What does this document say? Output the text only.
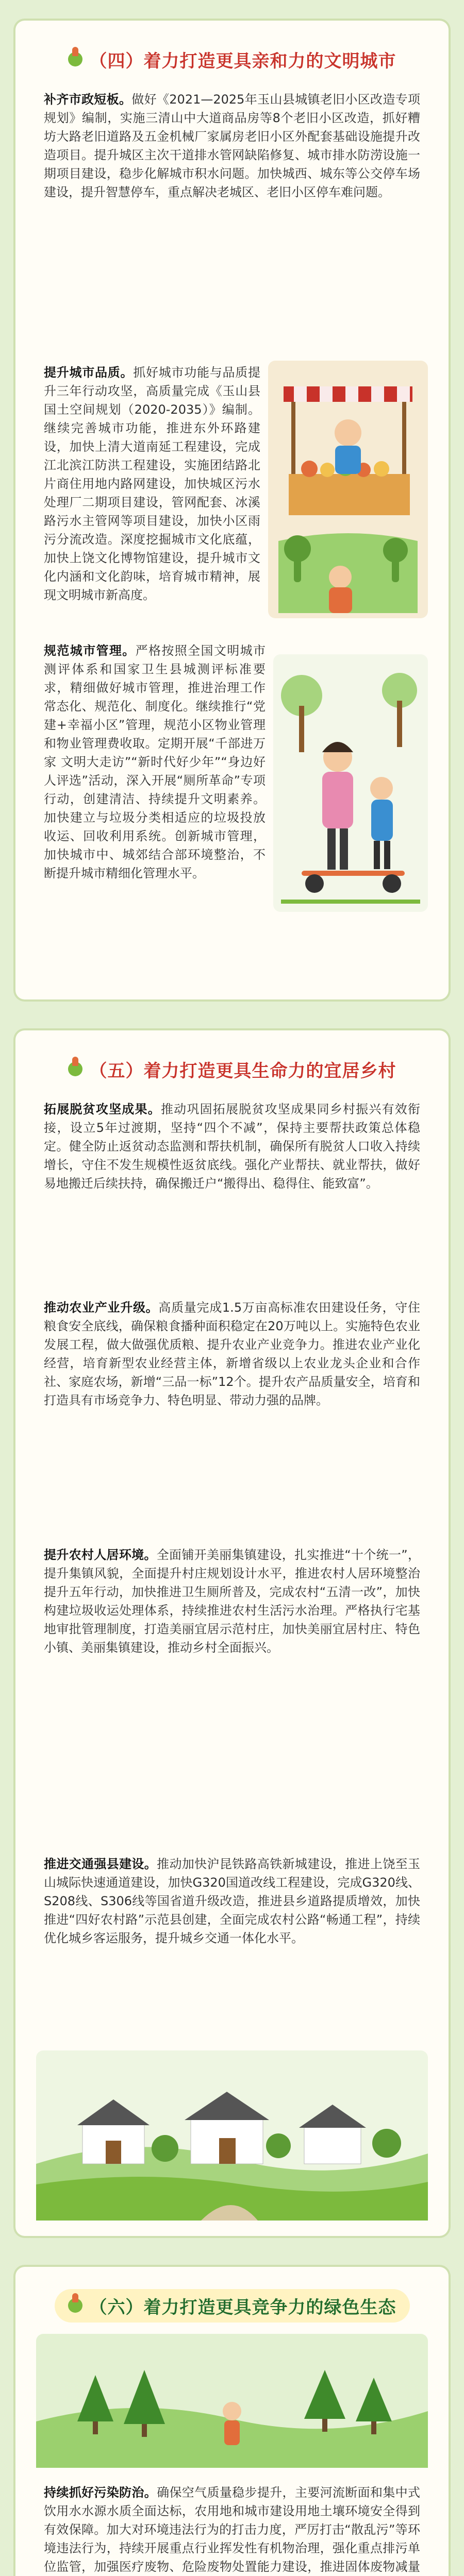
（四）着力打造更具亲和力的文明城市

补齐市政短板。做好《2021—2025年玉山县城镇老旧小区改造专项规划》编制，实施三清山中大道商品房等8个老旧小区改造，抓好糟坊大路老旧道路及五金机械厂家属房老旧小区外配套基础设施提升改造项目。提升城区主次干道排水管网缺陷修复、城市排水防涝设施一期项目建设，稳步化解城市积水问题。加快城西、城东等公交停车场建设，提升智慧停车，重点解决老城区、老旧小区停车难问题。

提升城市品质。抓好城市功能与品质提升三年行动攻坚，高质量完成《玉山县国土空间规划（2020-2035）》编制。继续完善城市功能，推进东外环路建设，加快上清大道南延工程建设，完成江北滨江防洪工程建设，实施团结路北片商住用地内路网建设，加快城区污水处理厂二期项目建设，管网配套、冰溪路污水主管网等项目建设，加快小区雨污分流改造。深度挖掘城市文化底蕴，加快上饶文化博物馆建设，提升城市文化内涵和文化韵味，培育城市精神，展现文明城市新高度。

规范城市管理。严格按照全国文明城市测评体系和国家卫生县城测评标准要求，精细做好城市管理，推进治理工作常态化、规范化、制度化。继续推行“党建+幸福小区”管理，规范小区物业管理和物业管理费收取。定期开展“千部进万家 文明大走访”“新时代好少年”“身边好人评选”活动，深入开展“厕所革命”专项行动，创建清洁、持续提升文明素养。加快建立与垃圾分类相适应的垃圾投放收运、回收利用系统。创新城市管理，加快城市中、城郊结合部环境整治，不断提升城市精细化管理水平。

（五）着力打造更具生命力的宜居乡村

拓展脱贫攻坚成果。推动巩固拓展脱贫攻坚成果同乡村振兴有效衔接，设立5年过渡期，坚持“四个不减”，保持主要帮扶政策总体稳定。健全防止返贫动态监测和帮扶机制，确保所有脱贫人口收入持续增长，守住不发生规模性返贫底线。强化产业帮扶、就业帮扶，做好易地搬迁后续扶持，确保搬迁户“搬得出、稳得住、能致富”。

推动农业产业升级。高质量完成1.5万亩高标准农田建设任务，守住粮食安全底线，确保粮食播种面积稳定在20万吨以上。实施特色农业发展工程，做大做强优质粮、提升农业产业竞争力。推进农业产业化经营，培育新型农业经营主体，新增省级以上农业龙头企业和合作社、家庭农场，新增“三品一标”12个。提升农产品质量安全，培育和打造具有市场竞争力、特色明显、带动力强的品牌。

提升农村人居环境。全面铺开美丽集镇建设，扎实推进“十个统一”，提升集镇风貌，全面提升村庄规划设计水平，推进农村人居环境整治提升五年行动，加快推进卫生厕所普及，完成农村“五清一改”，加快构建垃圾收运处理体系，持续推进农村生活污水治理。严格执行宅基地审批管理制度，打造美丽宜居示范村庄，加快美丽宜居村庄、特色小镇、美丽集镇建设，推动乡村全面振兴。

推进交通强县建设。推动加快沪昆铁路高铁新城建设，推进上饶至玉山城际快速通道建设，加快G320国道改线工程建设，完成G320线、S208线、S306线等国省道升级改造，推进县乡道路提质增效，加快推进“四好农村路”示范县创建，全面完成农村公路“畅通工程”，持续优化城乡客运服务，提升城乡交通一体化水平。

（六）着力打造更具竞争力的绿色生态

持续抓好污染防治。确保空气质量稳步提升，主要河流断面和集中式饮用水水源水质全面达标，农用地和城市建设用地土壤环境安全得到有效保障。加大对环境违法行为的打击力度，严厉打击“散乱污”等环境违法行为，持续开展重点行业挥发性有机物治理，强化重点排污单位监管，加强医疗废物、危险废物处置能力建设，推进固体废物减量
